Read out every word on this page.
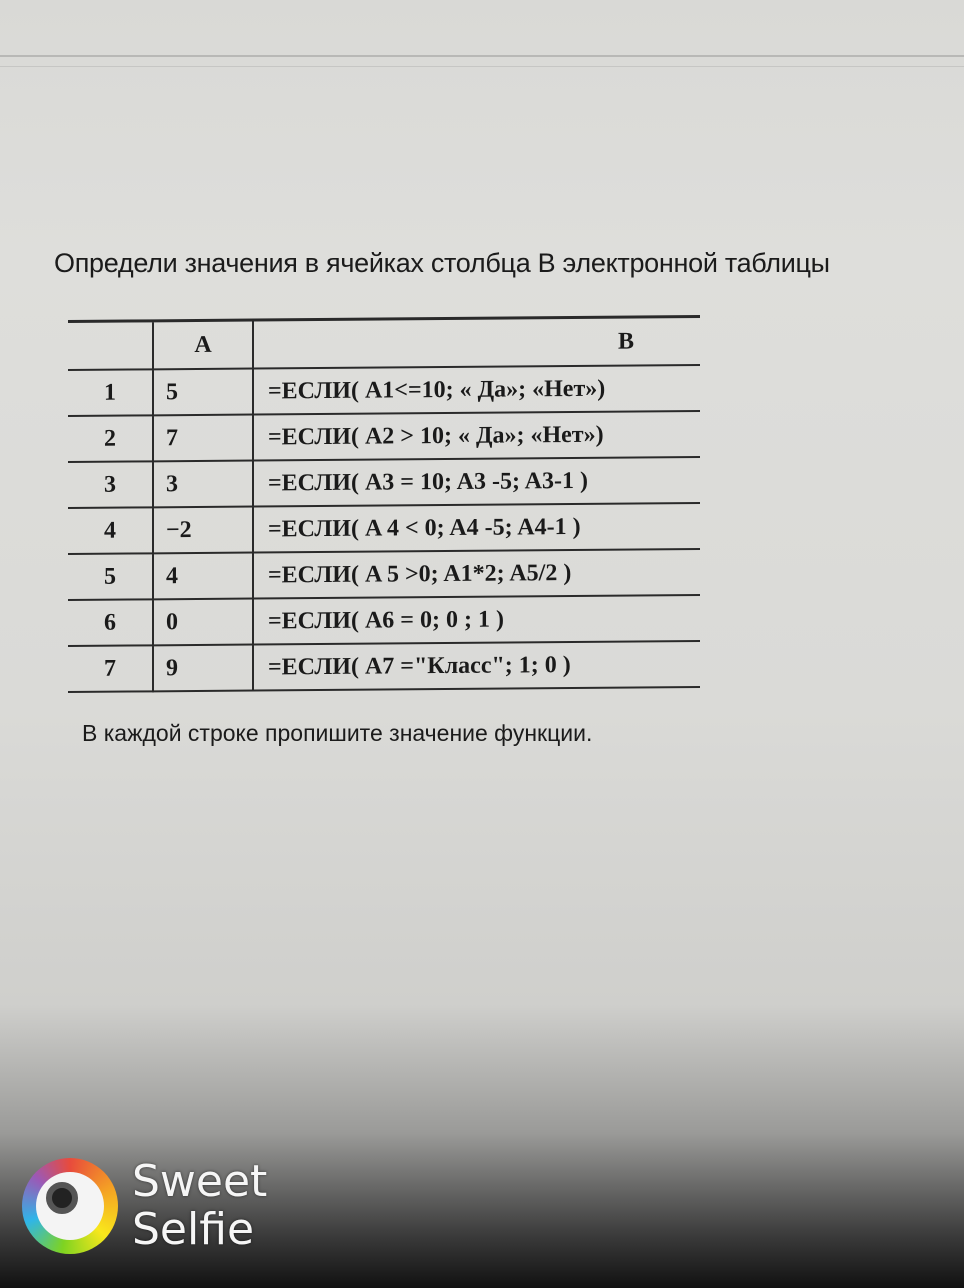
Определи значения в ячейках столбца В электронной таблицы
	A	B
1	5	=ЕСЛИ( A1<=10; « Да»; «Нет»)
2	7	=ЕСЛИ( A2 > 10; « Да»; «Нет»)
3	3	=ЕСЛИ( A3 = 10; A3 -5; A3-1 )
4	−2	=ЕСЛИ( A 4 < 0; A4 -5; A4-1 )
5	4	=ЕСЛИ( A 5 >0; A1*2; A5/2 )
6	0	=ЕСЛИ( A6 = 0; 0 ; 1 )
7	9	=ЕСЛИ( A7 ="Класс"; 1; 0 )
В каждой строке пропишите значение функции.
Sweet
Selfie
